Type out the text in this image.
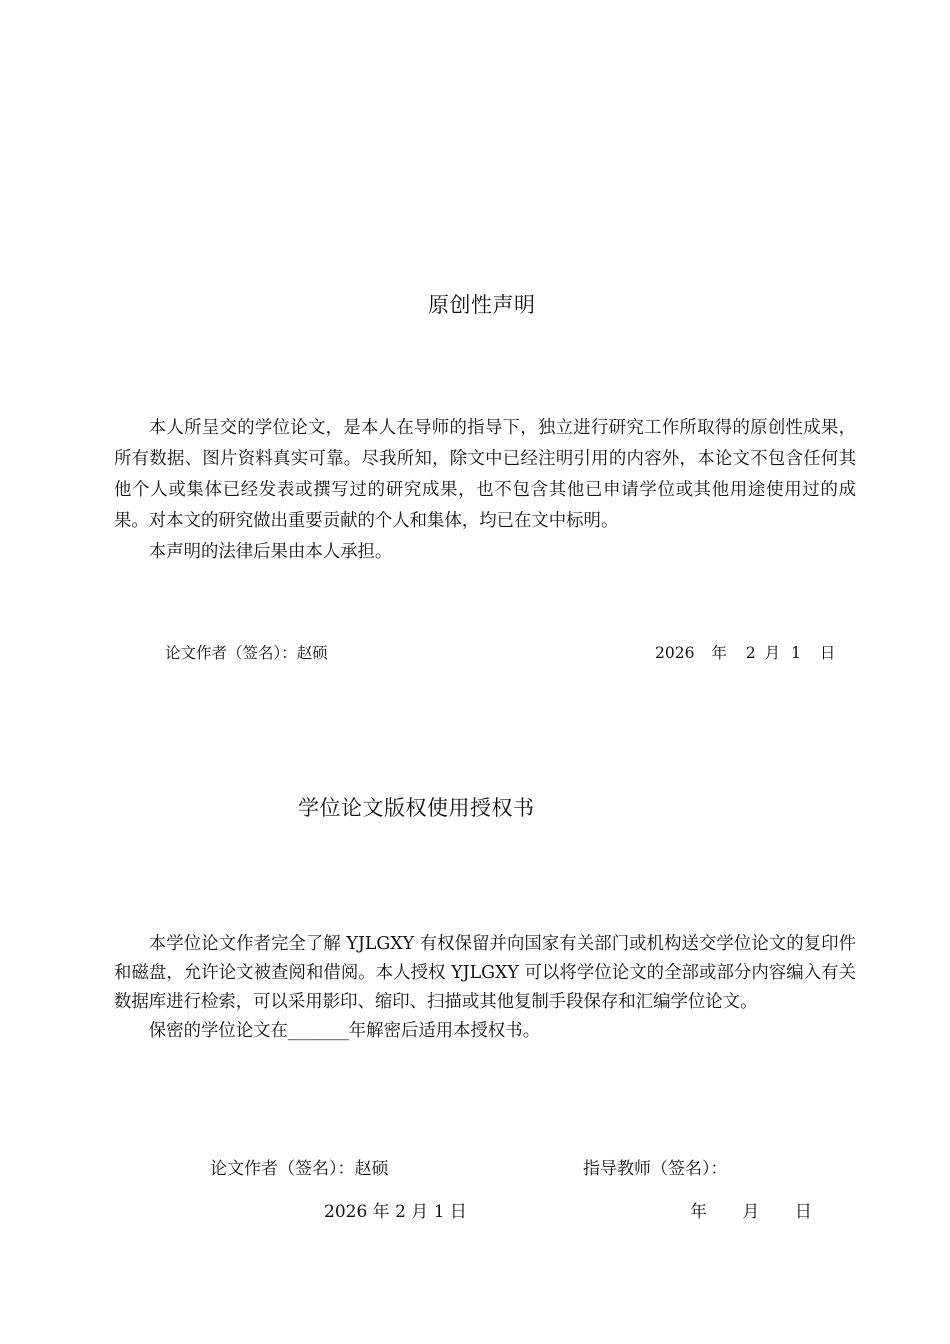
原创性声明

本人所呈交的学位论文，是本人在导师的指导下，独立进行研究工作所取得的原创性成果，所有数据、图片资料真实可靠。尽我所知，除文中已经注明引用的内容外，本论文不包含任何其他个人或集体已经发表或撰写过的研究成果，也不包含其他已申请学位或其他用途使用过的成果。对本文的研究做出重要贡献的个人和集体，均已在文中标明。

本声明的法律后果由本人承担。

论文作者（签名）：赵硕	2026 年 2 月 1 日
学位论文版权使用授权书

本学位论文作者完全了解 YJLGXY 有权保留并向国家有关部门或机构送交学位论文的复印件和磁盘，允许论文被查阅和借阅。本人授权 YJLGXY 可以将学位论文的全部或部分内容编入有关数据库进行检索，可以采用影印、缩印、扫描或其他复制手段保存和汇编学位论文。

保密的学位论文在_______年解密后适用本授权书。

论文作者（签名）：赵硕	指导教师（签名）：
2026 年 2 月 1 日	年 月 日
